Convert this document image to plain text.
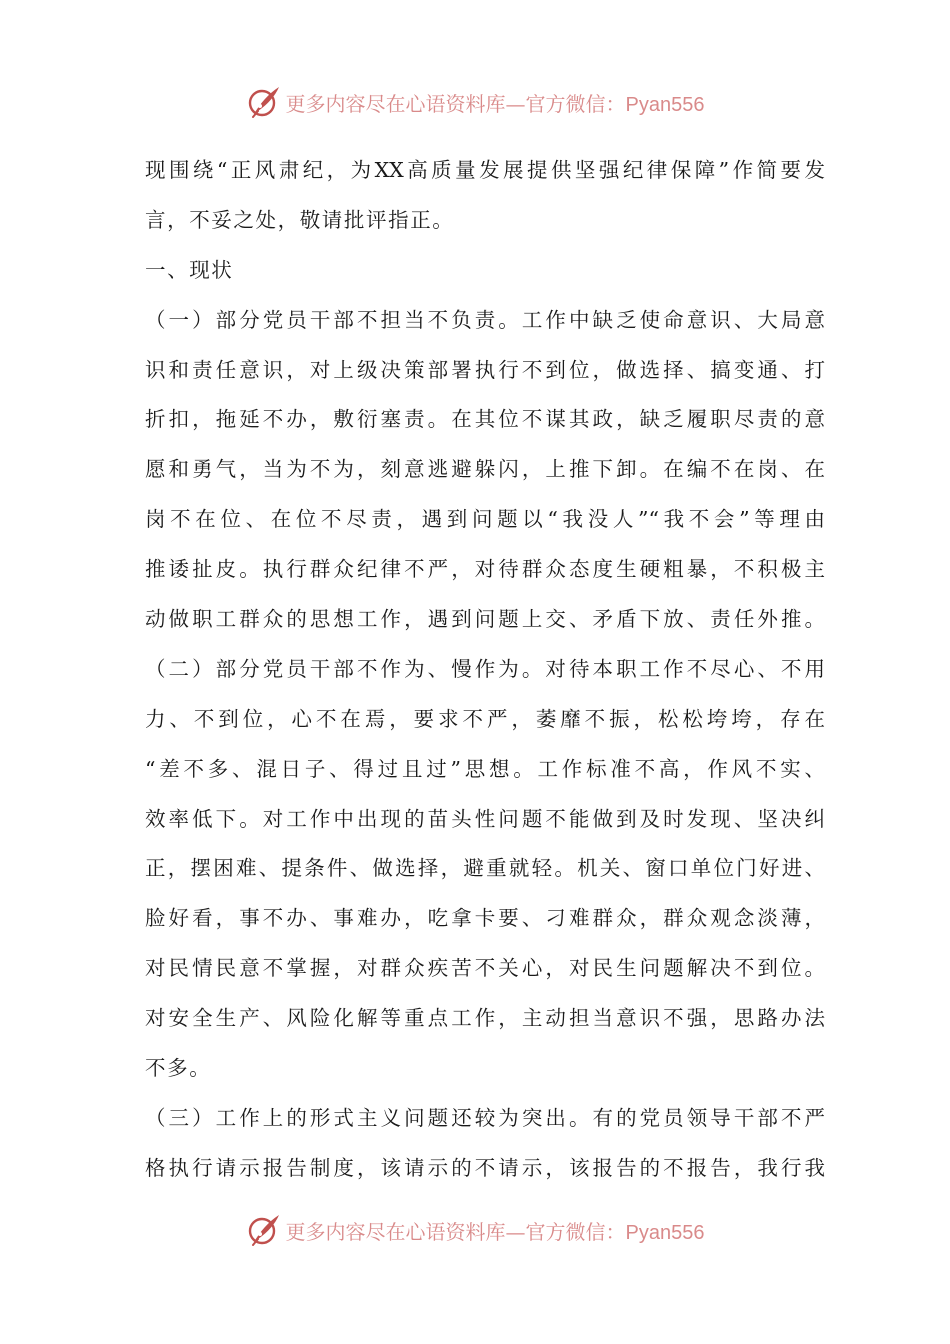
更多内容尽在心语资料库—官方微信：Pyan556
现围绕“正风肃纪，为XX高质量发展提供坚强纪律保障”作简要发
言，不妥之处，敬请批评指正。
一、现状
（一）部分党员干部不担当不负责。工作中缺乏使命意识、大局意
识和责任意识，对上级决策部署执行不到位，做选择、搞变通、打
折扣，拖延不办，敷衍塞责。在其位不谋其政，缺乏履职尽责的意
愿和勇气，当为不为，刻意逃避躲闪，上推下卸。在编不在岗、在
岗不在位、在位不尽责，遇到问题以“我没人”“我不会”等理由
推诿扯皮。执行群众纪律不严，对待群众态度生硬粗暴，不积极主
动做职工群众的思想工作，遇到问题上交、矛盾下放、责任外推。
（二）部分党员干部不作为、慢作为。对待本职工作不尽心、不用
力、不到位，心不在焉，要求不严，萎靡不振，松松垮垮，存在
“差不多、混日子、得过且过”思想。工作标准不高，作风不实、
效率低下。对工作中出现的苗头性问题不能做到及时发现、坚决纠
正，摆困难、提条件、做选择，避重就轻。机关、窗口单位门好进、
脸好看，事不办、事难办，吃拿卡要、刁难群众，群众观念淡薄，
对民情民意不掌握，对群众疾苦不关心，对民生问题解决不到位。
对安全生产、风险化解等重点工作，主动担当意识不强，思路办法
不多。
（三）工作上的形式主义问题还较为突出。有的党员领导干部不严
格执行请示报告制度，该请示的不请示，该报告的不报告，我行我
更多内容尽在心语资料库—官方微信：Pyan556
